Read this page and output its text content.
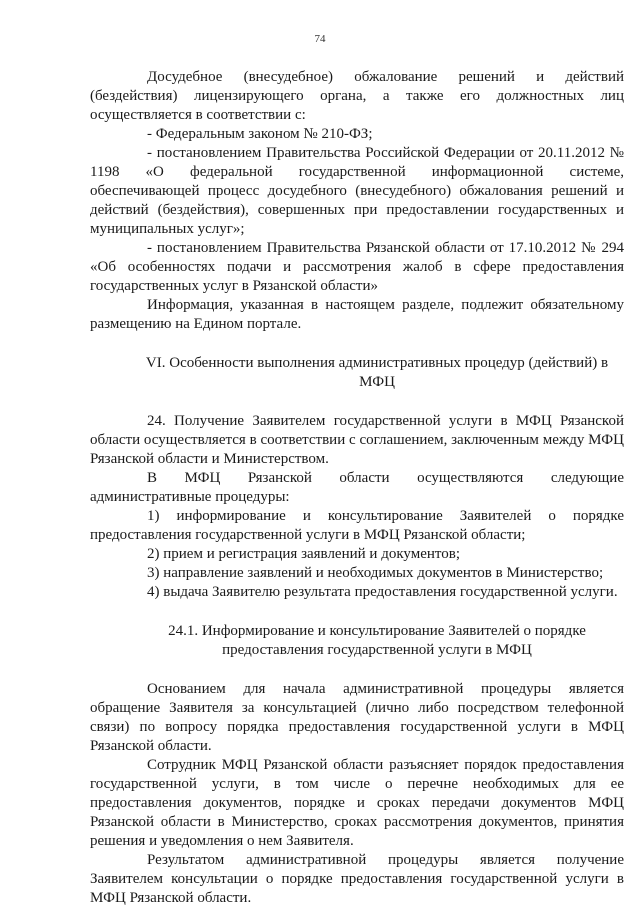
74

Досудебное (внесудебное) обжалование решений и действий (бездействия) лицензирующего органа, а также его должностных лиц осуществляется в соответствии с:

- Федеральным законом № 210-ФЗ;

- постановлением Правительства Российской Федерации от 20.11.2012 № 1198 «О федеральной государственной информационной системе, обеспечивающей процесс досудебного (внесудебного) обжалования решений и действий (бездействия), совершенных при предоставлении государственных и муниципальных услуг»;

- постановлением Правительства Рязанской области от 17.10.2012 № 294 «Об особенностях подачи и рассмотрения жалоб в сфере предоставления государственных услуг в Рязанской области»

Информация, указанная в настоящем разделе, подлежит обязательному размещению на Едином портале.

VI. Особенности выполнения административных процедур (действий) в МФЦ

24. Получение Заявителем государственной услуги в МФЦ Рязанской области осуществляется в соответствии с соглашением, заключенным между МФЦ Рязанской области и Министерством.

В МФЦ Рязанской области осуществляются следующие административные процедуры:

1) информирование и консультирование Заявителей о порядке предоставления государственной услуги в МФЦ Рязанской области;

2) прием и регистрация заявлений и документов;

3) направление заявлений и необходимых документов в Министерство;

4) выдача Заявителю результата предоставления государственной услуги.

24.1. Информирование и консультирование Заявителей о порядке предоставления государственной услуги в МФЦ

Основанием для начала административной процедуры является обращение Заявителя за консультацией (лично либо посредством телефонной связи) по вопросу порядка предоставления государственной услуги в МФЦ Рязанской области.

Сотрудник МФЦ Рязанской области разъясняет порядок предоставления государственной услуги, в том числе о перечне необходимых для ее предоставления документов, порядке и сроках передачи документов МФЦ Рязанской области в Министерство, сроках рассмотрения документов, принятия решения и уведомления о нем Заявителя.

Результатом административной процедуры является получение Заявителем консультации о порядке предоставления государственной услуги в МФЦ Рязанской области.
